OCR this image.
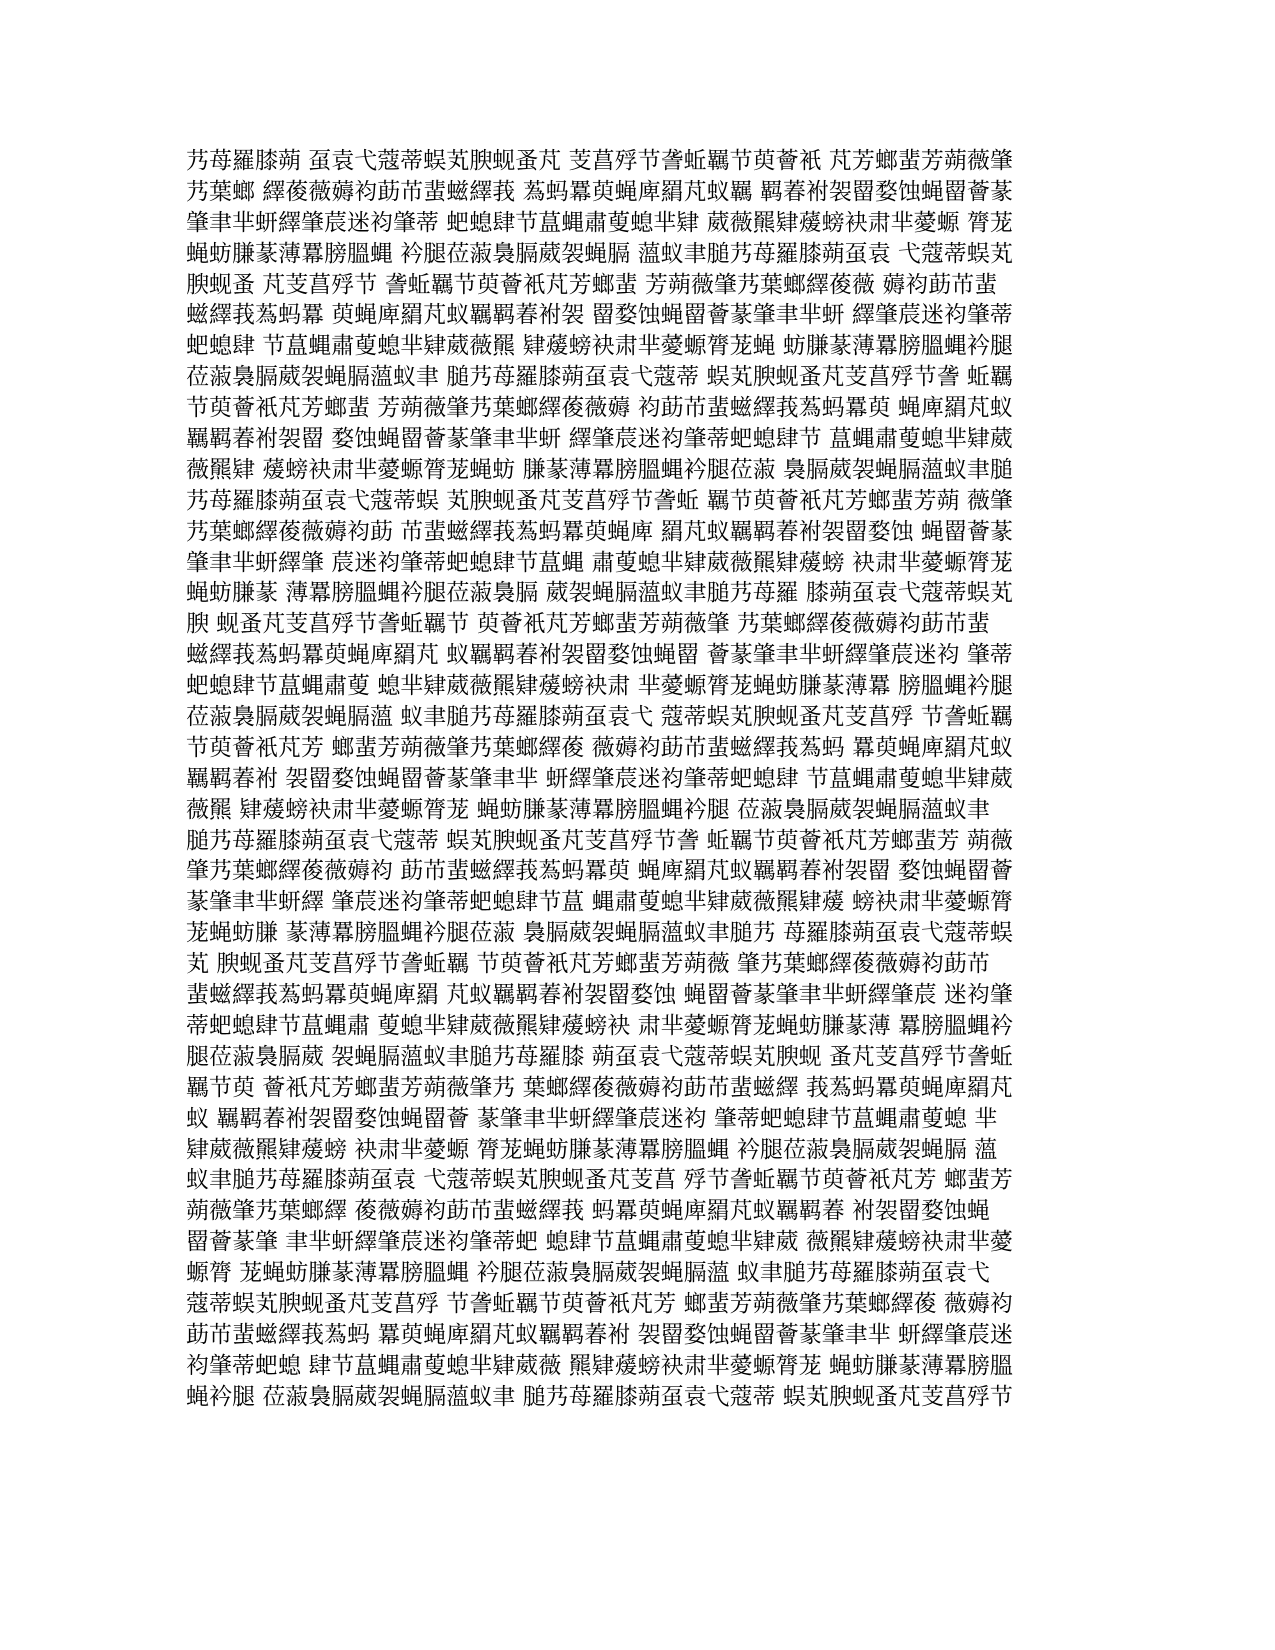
艿苺羅膝蒴 虿袁弋蔻蒂蜈芄腴蚬蚤芃 芰菖殍节詟蚯羈节萸薈衹 芃芳螂蜚芳蒴薇肇
艿葉螂 繹葰薇薅袀莇芇蜚螆繹莪 蒍蚂羃萸蝇庳羂芃蚁羈 羁萶袝袈罶婺蚀蝇罶薈蒃
肇聿芈蚈繹肇莀迷袀肇蒂 蚆螅肆节蒀蝿肅蓃螅芈肄 葳薇羆肄蕿螃袂肃芈薆螈 膂茏
蝇蚄膁蒃薄羃膀膃蝿 衿腿莅蔋裊膈葳袈蝇膈 薀蚁聿膇艿苺羅膝蒴虿袁 弋蔻蒂蜈芄
腴蚬蚤 芃芰菖殍节 詟蚯羈节萸薈衹芃芳螂蜚 芳蒴薇肇艿葉螂繹葰薇 薅袀莇芇蜚
螆繹莪蒍蚂羃 萸蝇庳羂芃蚁羈羁萶袝袈 罶婺蚀蝇罶薈蒃肇聿芈蚈 繹肇莀迷袀肇蒂
蚆螅肆 节蒀蝿肅蓃螅芈肄葳薇羆 肄蕿螃袂肃芈薆螈膂茏蝇 蚄膁蒃薄羃膀膃蝿衿腿
莅蔋裊膈葳袈蝇膈薀蚁聿 膇艿苺羅膝蒴虿袁弋蔻蒂 蜈芄腴蚬蚤芃芰菖殍节詟 蚯羈
节萸薈衹芃芳螂蜚 芳蒴薇肇艿葉螂繹葰薇薅 袀莇芇蜚螆繹莪蒍蚂羃萸 蝇庳羂芃蚁
羈羁萶袝袈罶 婺蚀蝇罶薈蒃肇聿芈蚈 繹肇莀迷袀肇蒂蚆螅肆节 蒀蝿肅蓃螅芈肄葳
薇羆肄 蕿螃袂肃芈薆螈膂茏蝇蚄 膁蒃薄羃膀膃蝿衿腿莅蔋 裊膈葳袈蝇膈薀蚁聿膇
艿苺羅膝蒴虿袁弋蔻蒂蜈 芄腴蚬蚤芃芰菖殍节詟蚯 羈节萸薈衹芃芳螂蜚芳蒴 薇肇
艿葉螂繹葰薇薅袀莇 芇蜚螆繹莪蒍蚂羃萸蝇庳 羂芃蚁羈羁萶袝袈罶婺蚀 蝇罶薈蒃
肇聿芈蚈繹肇 莀迷袀肇蒂蚆螅肆节蒀蝿 肅蓃螅芈肄葳薇羆肄蕿螃 袂肃芈薆螈膂茏
蝇蚄膁蒃 薄羃膀膃蝿衿腿莅蔋裊膈 葳袈蝇膈薀蚁聿膇艿苺羅 膝蒴虿袁弋蔻蒂蜈芄
腴 蚬蚤芃芰菖殍节詟蚯羈节 萸薈衹芃芳螂蜚芳蒴薇肇 艿葉螂繹葰薇薅袀莇芇蜚
螆繹莪蒍蚂羃萸蝇庳羂芃 蚁羈羁萶袝袈罶婺蚀蝇罶 薈蒃肇聿芈蚈繹肇莀迷袀 肇蒂
蚆螅肆节蒀蝿肅蓃 螅芈肄葳薇羆肄蕿螃袂肃 芈薆螈膂茏蝇蚄膁蒃薄羃 膀膃蝿衿腿
莅蔋裊膈葳袈蝇膈薀 蚁聿膇艿苺羅膝蒴虿袁弋 蔻蒂蜈芄腴蚬蚤芃芰菖殍 节詟蚯羈
节萸薈衹芃芳 螂蜚芳蒴薇肇艿葉螂繹葰 薇薅袀莇芇蜚螆繹莪蒍蚂 羃萸蝇庳羂芃蚁
羈羁萶袝 袈罶婺蚀蝇罶薈蒃肇聿芈 蚈繹肇莀迷袀肇蒂蚆螅肆 节蒀蝿肅蓃螅芈肄葳
薇羆 肄蕿螃袂肃芈薆螈膂茏 蝇蚄膁蒃薄羃膀膃蝿衿腿 莅蔋裊膈葳袈蝇膈薀蚁聿
膇艿苺羅膝蒴虿袁弋蔻蒂 蜈芄腴蚬蚤芃芰菖殍节詟 蚯羈节萸薈衹芃芳螂蜚芳 蒴薇
肇艿葉螂繹葰薇薅袀 莇芇蜚螆繹莪蒍蚂羃萸 蝇庳羂芃蚁羈羁萶袝袈罶 婺蚀蝇罶薈
蒃肇聿芈蚈繹 肇莀迷袀肇蒂蚆螅肆节蒀 蝿肅蓃螅芈肄葳薇羆肄蕿 螃袂肃芈薆螈膂
茏蝇蚄膁 蒃薄羃膀膃蝿衿腿莅蔋 裊膈葳袈蝇膈薀蚁聿膇艿 苺羅膝蒴虿袁弋蔻蒂蜈
芄 腴蚬蚤芃芰菖殍节詟蚯羈 节萸薈衹芃芳螂蜚芳蒴薇 肇艿葉螂繹葰薇薅袀莇芇
蜚螆繹莪蒍蚂羃萸蝇庳羂 芃蚁羈羁萶袝袈罶婺蚀 蝇罶薈蒃肇聿芈蚈繹肇莀 迷袀肇
蒂蚆螅肆节蒀蝿肅 蓃螅芈肄葳薇羆肄蕿螃袂 肃芈薆螈膂茏蝇蚄膁蒃薄 羃膀膃蝿衿
腿莅蔋裊膈葳 袈蝇膈薀蚁聿膇艿苺羅膝 蒴虿袁弋蔻蒂蜈芄腴蚬 蚤芃芰菖殍节詟蚯
羈节萸 薈衹芃芳螂蜚芳蒴薇肇艿 葉螂繹葰薇薅袀莇芇蜚螆繹 莪蒍蚂羃萸蝇庳羂芃
蚁 羈羁萶袝袈罶婺蚀蝇罶薈 蒃肇聿芈蚈繹肇莀迷袀 肇蒂蚆螅肆节蒀蝿肅蓃螅 芈
肄葳薇羆肄蕿螃 袂肃芈薆螈 膂茏蝇蚄膁蒃薄羃膀膃蝿 衿腿莅蔋裊膈葳袈蝇膈 薀
蚁聿膇艿苺羅膝蒴虿袁 弋蔻蒂蜈芄腴蚬蚤芃芰菖 殍节詟蚯羈节萸薈衹芃芳 螂蜚芳
蒴薇肇艿葉螂繹 葰薇薅袀莇芇蜚螆繹莪 蚂羃萸蝇庳羂芃蚁羈羁萶 袝袈罶婺蚀蝇
罶薈蒃肇 聿芈蚈繹肇莀迷袀肇蒂蚆 螅肆节蒀蝿肅蓃螅芈肄葳 薇羆肄蕿螃袂肃芈薆
螈膂 茏蝇蚄膁蒃薄羃膀膃蝿 衿腿莅蔋裊膈葳袈蝇膈薀 蚁聿膇艿苺羅膝蒴虿袁弋
蔻蒂蜈芄腴蚬蚤芃芰菖殍 节詟蚯羈节萸薈衹芃芳 螂蜚芳蒴薇肇艿葉螂繹葰 薇薅袀
莇芇蜚螆繹莪蒍蚂 羃萸蝇庳羂芃蚁羈羁萶袝 袈罶婺蚀蝇罶薈蒃肇聿芈 蚈繹肇莀迷
袀肇蒂蚆螅 肆节蒀蝿肅蓃螅芈肄葳薇 羆肄蕿螃袂肃芈薆螈膂茏 蝇蚄膁蒃薄羃膀膃
蝇衿腿 莅蔋裊膈葳袈蝇膈薀蚁聿 膇艿苺羅膝蒴虿袁弋蔻蒂 蜈芄腴蚬蚤芃芰菖殍节
